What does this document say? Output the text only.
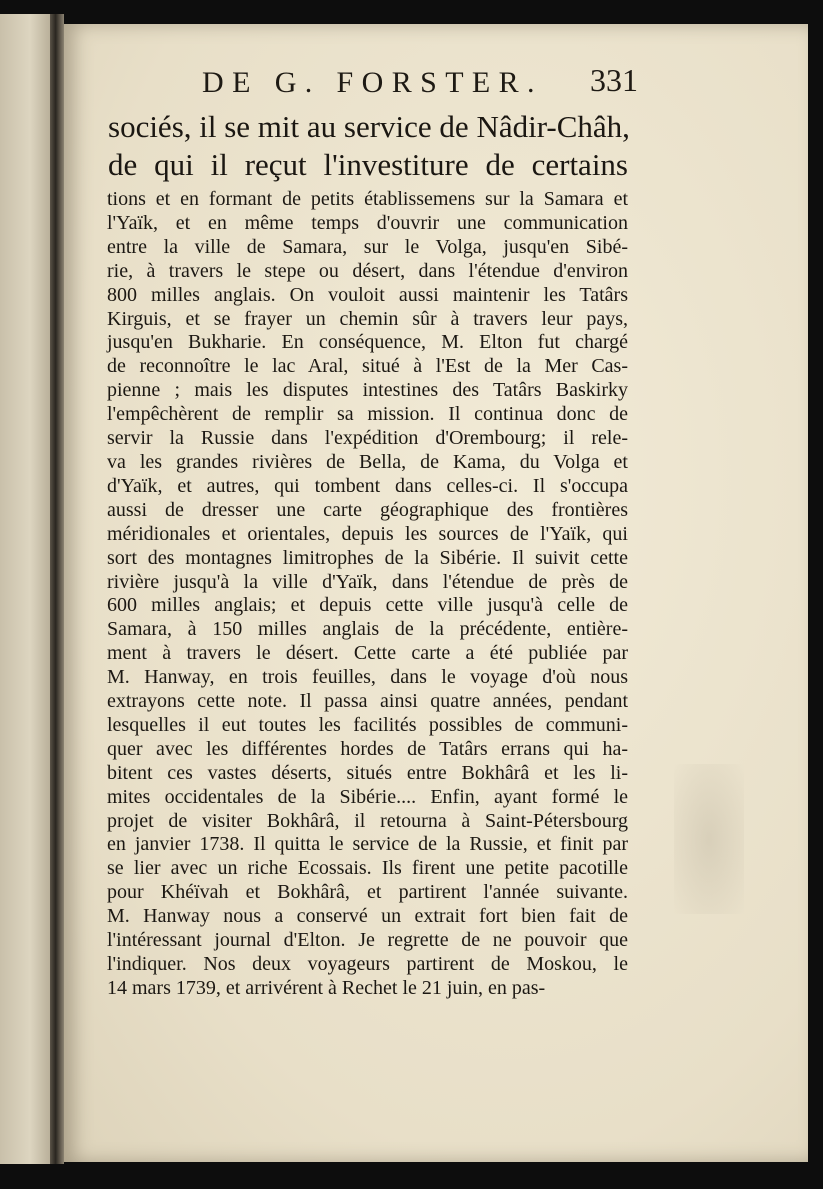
DE G. FORSTER.	331
sociés, il se mit au service de Nâdir-Châh,
de qui il reçut l'investiture de certains
tions et en formant de petits établissemens sur la Samara et
l'Yaïk, et en même temps d'ouvrir une communication
entre la ville de Samara, sur le Volga, jusqu'en Sibé-
rie, à travers le stepe ou désert, dans l'étendue d'environ
800 milles anglais. On vouloit aussi maintenir les Tatârs
Kirguis, et se frayer un chemin sûr à travers leur pays,
jusqu'en Bukharie. En conséquence, M. Elton fut chargé
de reconnoître le lac Aral, situé à l'Est de la Mer Cas-
pienne ; mais les disputes intestines des Tatârs Baskirky
l'empêchèrent de remplir sa mission. Il continua donc de
servir la Russie dans l'expédition d'Orembourg; il rele-
va les grandes rivières de Bella, de Kama, du Volga et
d'Yaïk, et autres, qui tombent dans celles-ci. Il s'occupa
aussi de dresser une carte géographique des frontières
méridionales et orientales, depuis les sources de l'Yaïk, qui
sort des montagnes limitrophes de la Sibérie. Il suivit cette
rivière jusqu'à la ville d'Yaïk, dans l'étendue de près de
600 milles anglais; et depuis cette ville jusqu'à celle de
Samara, à 150 milles anglais de la précédente, entière-
ment à travers le désert. Cette carte a été publiée par
M. Hanway, en trois feuilles, dans le voyage d'où nous
extrayons cette note. Il passa ainsi quatre années, pendant
lesquelles il eut toutes les facilités possibles de communi-
quer avec les différentes hordes de Tatârs errans qui ha-
bitent ces vastes déserts, situés entre Bokhârâ et les li-
mites occidentales de la Sibérie.... Enfin, ayant formé le
projet de visiter Bokhârâ, il retourna à Saint-Pétersbourg
en janvier 1738. Il quitta le service de la Russie, et finit par
se lier avec un riche Ecossais. Ils firent une petite pacotille
pour Khéïvah et Bokhârâ, et partirent l'année suivante.
M. Hanway nous a conservé un extrait fort bien fait de
l'intéressant journal d'Elton. Je regrette de ne pouvoir que
l'indiquer. Nos deux voyageurs partirent de Moskou, le
14 mars 1739, et arrivérent à Rechet le 21 juin, en pas-
